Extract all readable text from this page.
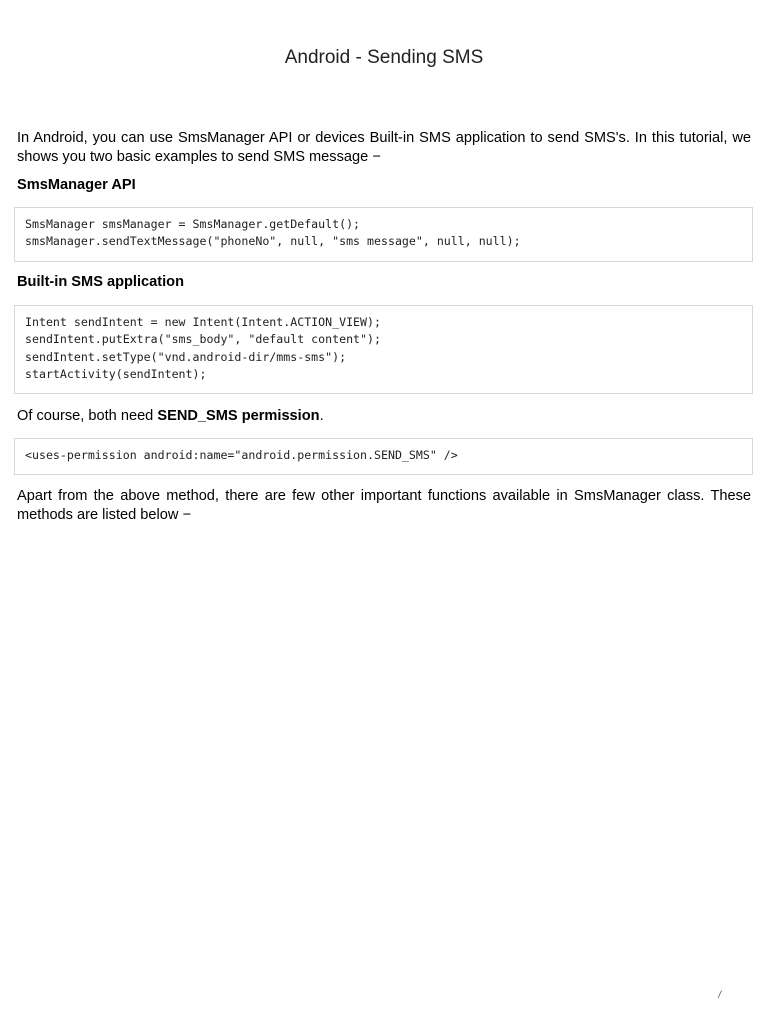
Android - Sending SMS
In Android, you can use SmsManager API or devices Built-in SMS application to send SMS's. In this tutorial, we shows you two basic examples to send SMS message −
SmsManager API
SmsManager smsManager = SmsManager.getDefault();
smsManager.sendTextMessage("phoneNo", null, "sms message", null, null);
Built-in SMS application
Intent sendIntent = new Intent(Intent.ACTION_VIEW);
sendIntent.putExtra("sms_body", "default content");
sendIntent.setType("vnd.android-dir/mms-sms");
startActivity(sendIntent);
Of course, both need SEND_SMS permission.
<uses-permission android:name="android.permission.SEND_SMS" />
Apart from the above method, there are few other important functions available in SmsManager class. These methods are listed below −
/
